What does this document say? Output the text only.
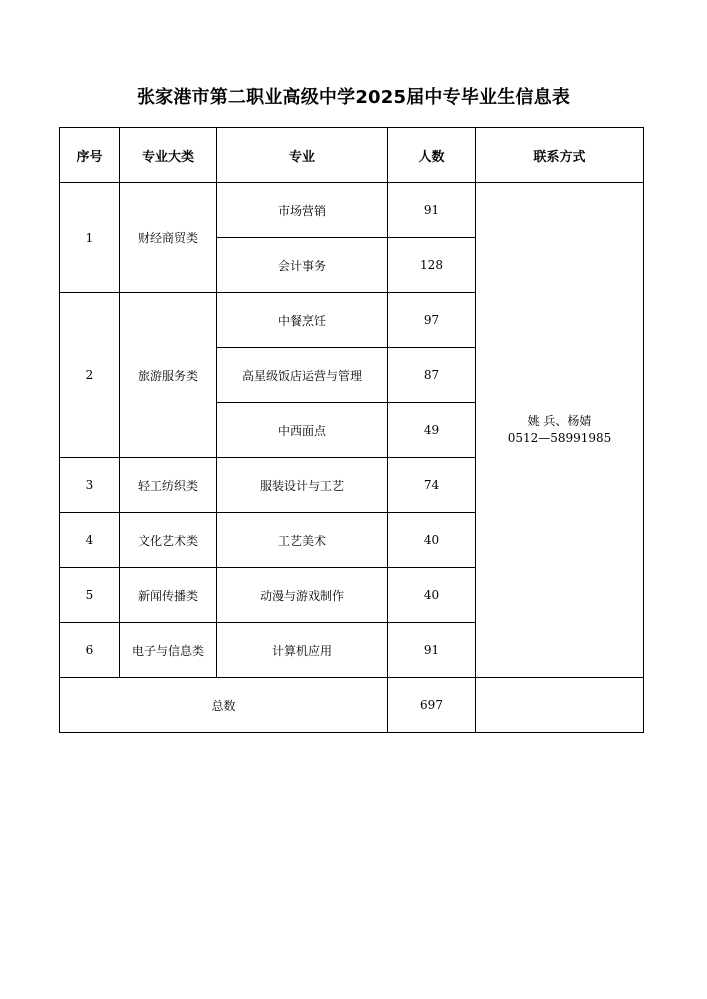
张家港市第二职业高级中学2025届中专毕业生信息表
序号	专业大类	专业	人数	联系方式
1	财经商贸类	市场营销	91	姚 兵、杨婧
0512—58991985

		会计事务	128	
2	旅游服务类	中餐烹饪	97	
		高星级饭店运营与管理	87	
		中西面点	49	
3	轻工纺织类	服装设计与工艺	74	
4	文化艺术类	工艺美术	40	
5	新闻传播类	动漫与游戏制作	40	
6	电子与信息类	计算机应用	91	
总数			697	
